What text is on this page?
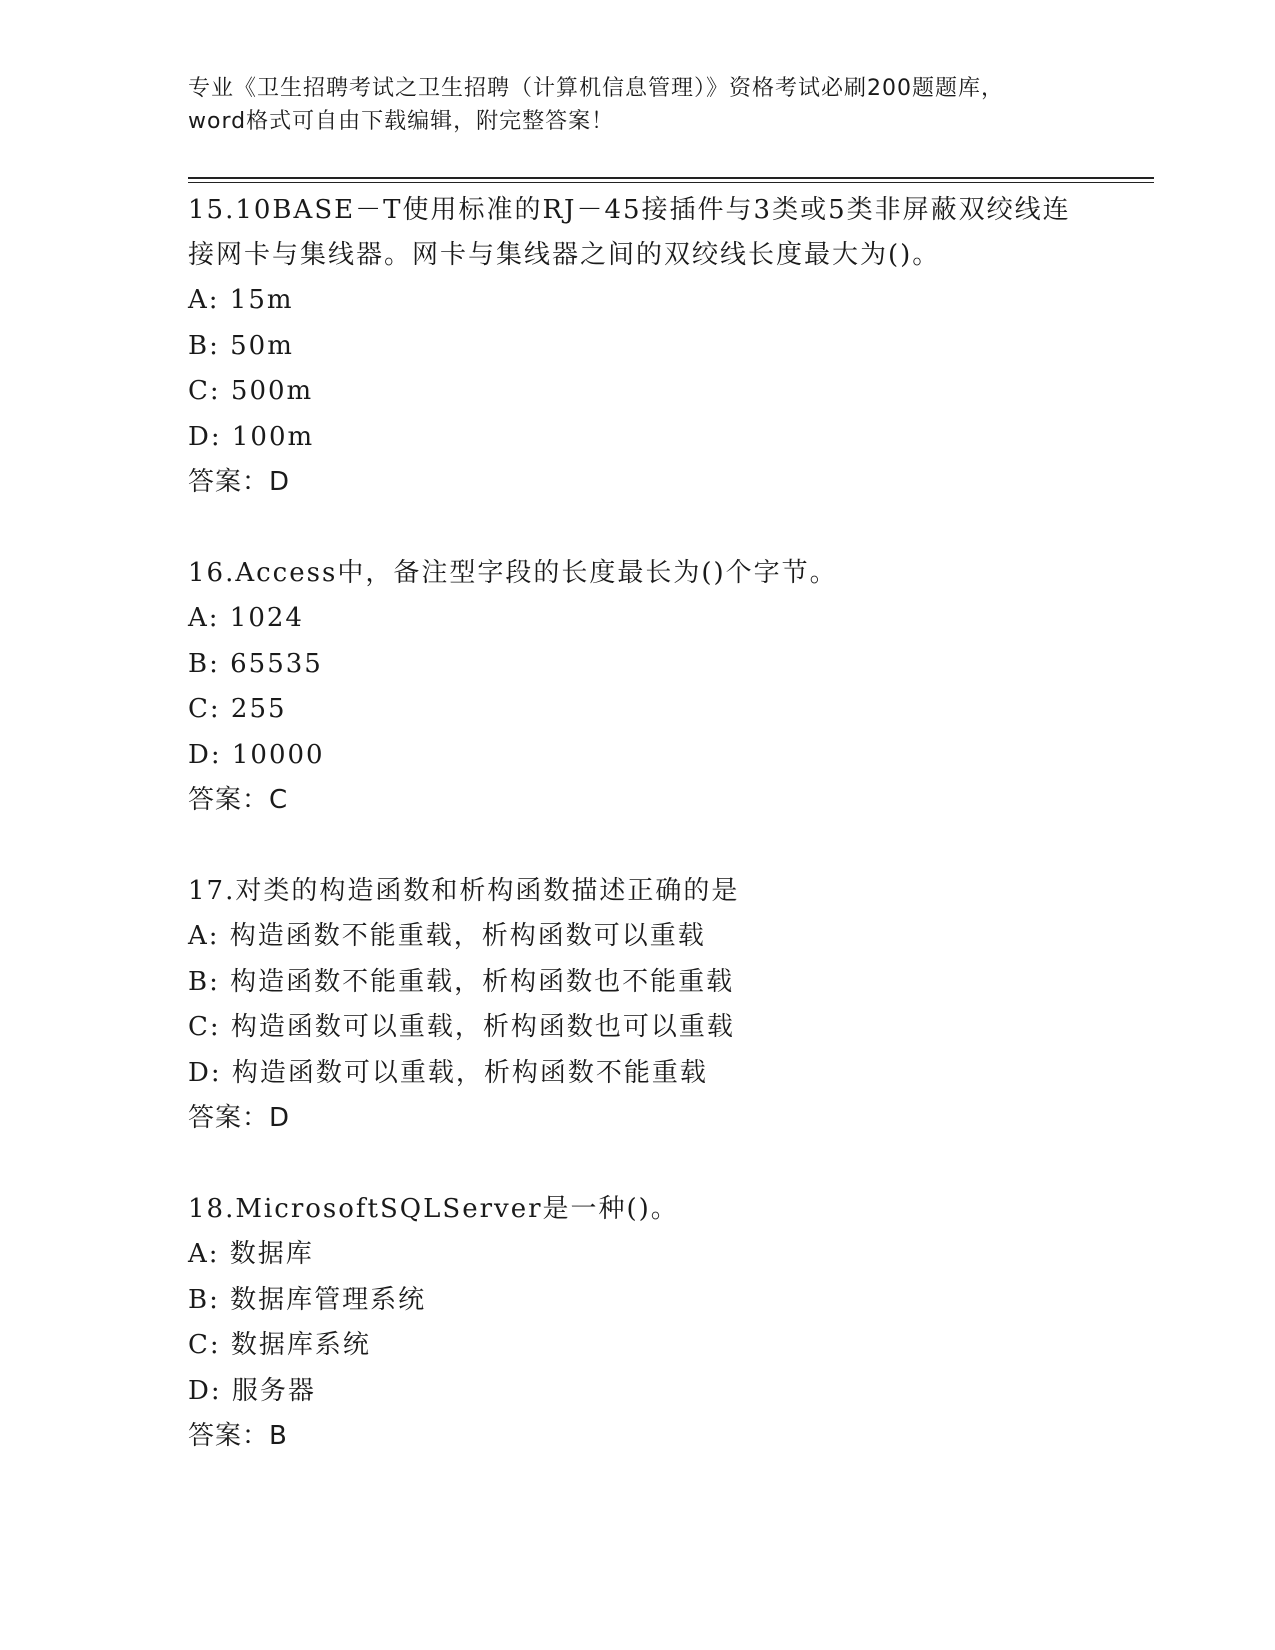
专业《卫生招聘考试之卫生招聘（计算机信息管理）》资格考试必刷200题题库，
word格式可自由下载编辑，附完整答案！

15.10BASE－T使用标准的RJ－45接插件与3类或5类非屏蔽双绞线连接网卡与集线器。网卡与集线器之间的双绞线长度最大为()。

A: 15m

B: 50m

C: 500m

D: 100m

答案：D

16.Access中，备注型字段的长度最长为()个字节。

A: 1024

B: 65535

C: 255

D: 10000

答案：C

17.对类的构造函数和析构函数描述正确的是

A: 构造函数不能重载，析构函数可以重载

B: 构造函数不能重载，析构函数也不能重载

C: 构造函数可以重载，析构函数也可以重载

D: 构造函数可以重载，析构函数不能重载

答案：D

18.MicrosoftSQLServer是一种()。

A: 数据库

B: 数据库管理系统

C: 数据库系统

D: 服务器

答案：B
